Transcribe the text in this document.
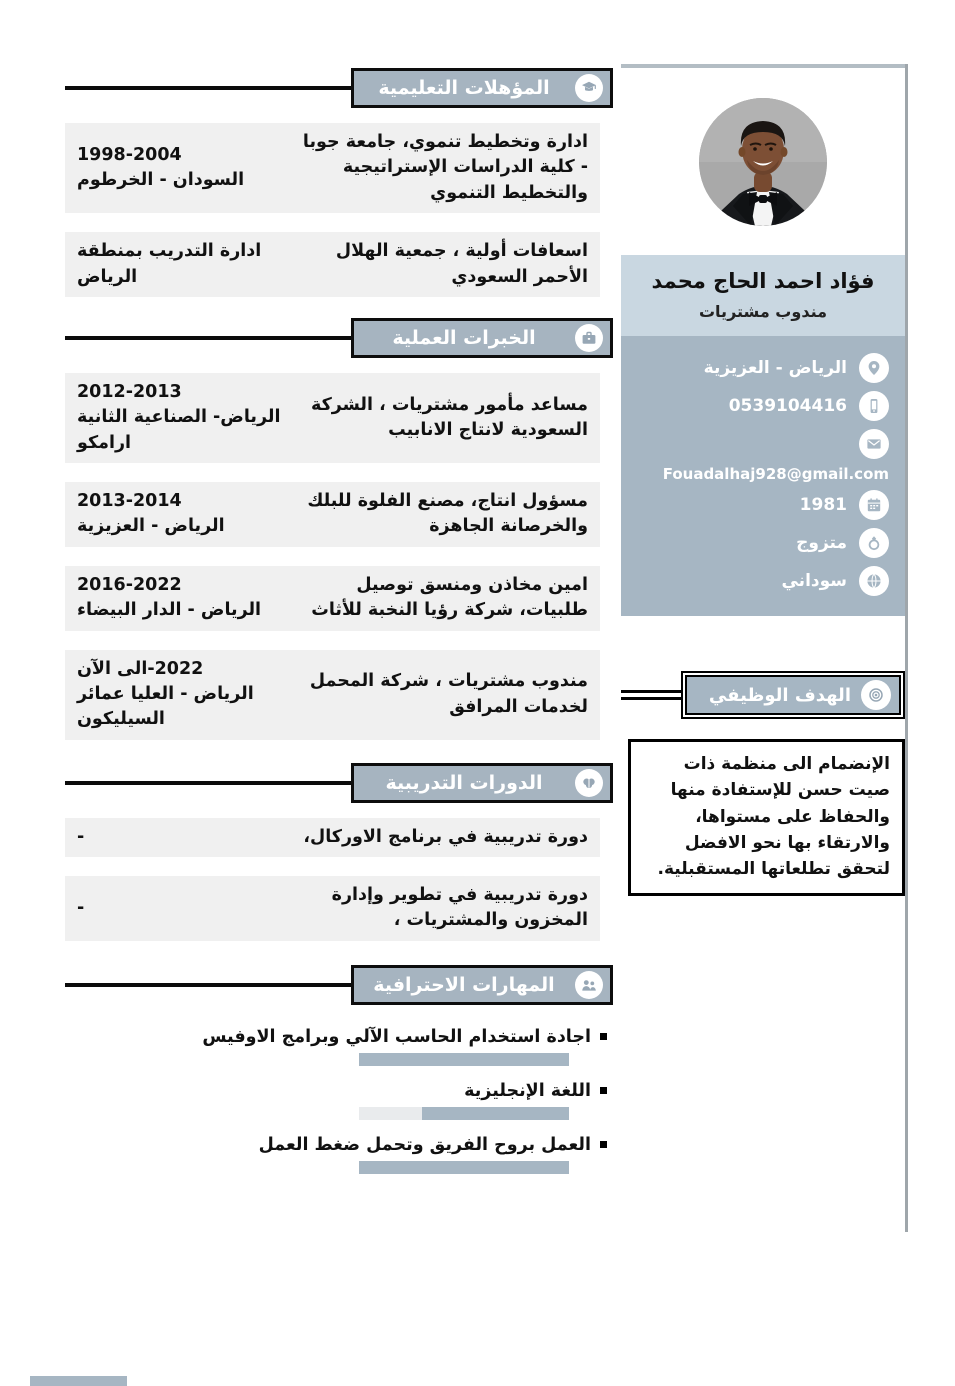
فؤاد احمد الحاج محمد
مندوب مشتريات
الرياض - العزيزية
0539104416
Fouadalhaj928@gmail.com
1981
متزوج
سوداني
الهدف الوظيفي
الإنضمام الى منظمة ذات صيت حسن للإستفادة منها والحفاظ على مستواها، والارتقاء بها نحو الافضل لتحقق تطلعاتها المستقبلية.
المؤهلات التعليمية
ادارة وتخطيط تنموي، جامعة جوبا - كلية الدراسات الإستراتيجية والتخطيط التنموي
1998-2004
السودان - الخرطوم
اسعافات أولية ، جمعية الهلال الأحمر السعودي
ادارة التدريب بمنطقة الرياض
الخبرات العملية
مساعد مأمور مشتريات ، الشركة السعودية لانتاج الانابيب
2012-2013
الرياض- الصناعية الثانية ارامكو
مسؤول انتاج، مصنع الفلوة للبلك والخرصانة الجاهزة
2013-2014
الرياض - العزيزية
امين مخاذن ومنسق توصيل طلبيات، شركة رؤيا النخبة للأثاث
2016-2022
الرياض - الدار البيضاء
مندوب مشتريات ، شركة المحمل لخدمات المرافق
2022-الى الآن
الرياض - العليا عمائر السيليكون
الدورات التدريبية
دورة تدريبية في برنامج الاوركال،
-
دورة تدريبية في تطوير وإدارة المخزون والمشتريات ،
-
المهارات الاحترافية
اجادة استخدام الحاسب الآلي وبرامج الاوفيس
اللغة الإنجليزية
العمل بروح الفريق وتحمل ضغط العمل
